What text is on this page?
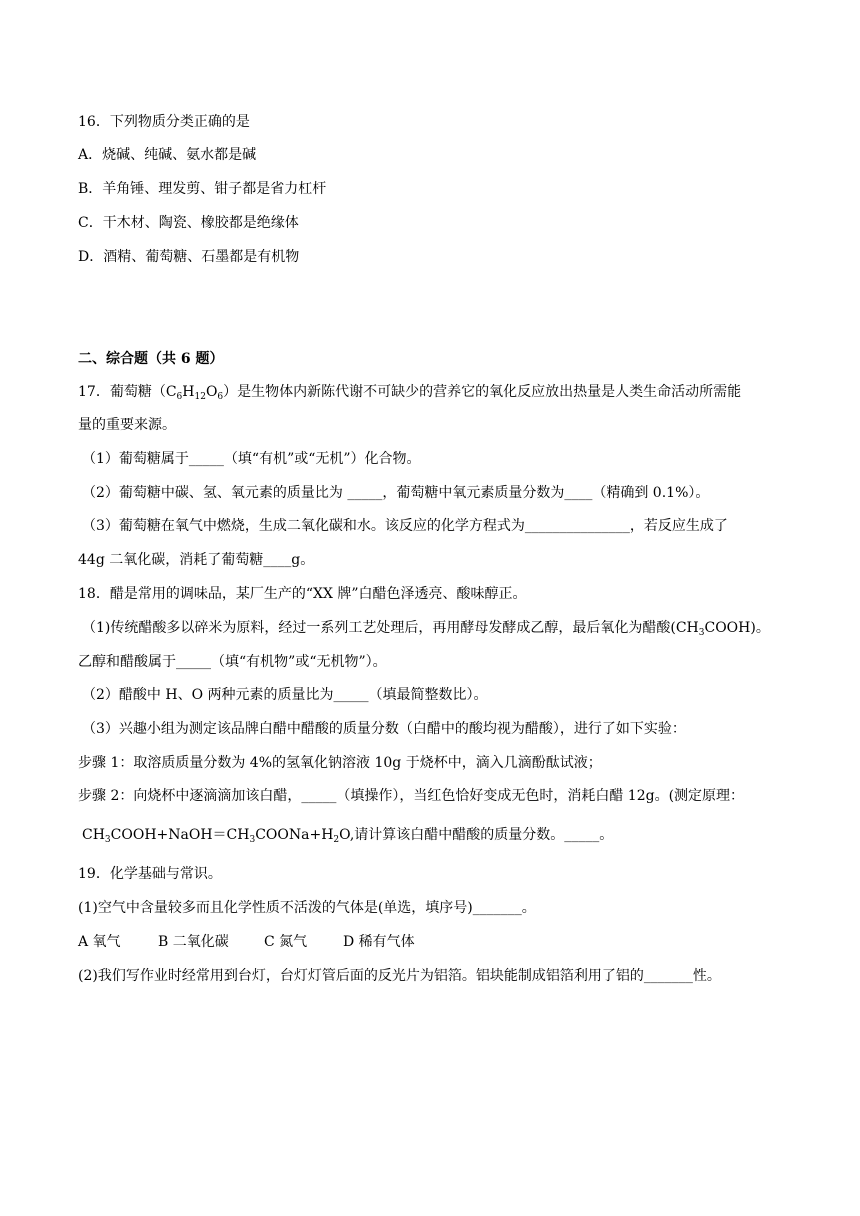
16．下列物质分类正确的是
A．烧碱、纯碱、氨水都是碱
B．羊角锤、理发剪、钳子都是省力杠杆
C．干木材、陶瓷、橡胶都是绝缘体
D．酒精、葡萄糖、石墨都是有机物
二、综合题（共 6 题）
17．葡萄糖$(C_6H_{12}O_6)$是生物体内新陈代谢不可缺少的营养它的氧化反应放出热量是人类生命活动所需能
量的重要来源。
（1）葡萄糖属于_____（填“有机”或“无机”）化合物。
（2）葡萄糖中碳、氢、氧元素的质量比为 _____，葡萄糖中氧元素质量分数为____（精确到 0.1%）。
（3）葡萄糖在氧气中燃烧，生成二氧化碳和水。该反应的化学方程式为_______________，若反应生成了
44g 二氧化碳，消耗了葡萄糖____g。
18．醋是常用的调味品，某厂生产的“XX 牌”白醋色泽透亮、酸味醇正。
（1)传统醋酸多以碎米为原料，经过一系列工艺处理后，再用酵母发酵成乙醇，最后氧化为醋酸$(CH_3COOH)$。
乙醇和醋酸属于_____（填“有机物”或“无机物”）。
（2）醋酸中 H、O 两种元素的质量比为_____（填最简整数比）。
（3）兴趣小组为测定该品牌白醋中醋酸的质量分数（白醋中的酸均视为醋酸），进行了如下实验：
步骤 1：取溶质质量分数为 4%的氢氧化钠溶液 10g 于烧杯中，滴入几滴酚酞试液；
步骤 2：向烧杯中逐滴滴加该白醋，_____（填操作），当红色恰好变成无色时，消耗白醋 12g。(测定原理：
$CH_3COOH+NaOH=CH_3COONa+H_2O$,请计算该白醋中醋酸的质量分数。_____。
19．化学基础与常识。
(1)空气中含量较多而且化学性质不活泼的气体是(单选，填序号)_______。
A 氧气	B 二氧化碳	C 氮气	D 稀有气体
(2)我们写作业时经常用到台灯，台灯灯管后面的反光片为铝箔。铝块能制成铝箔利用了铝的_______性。
